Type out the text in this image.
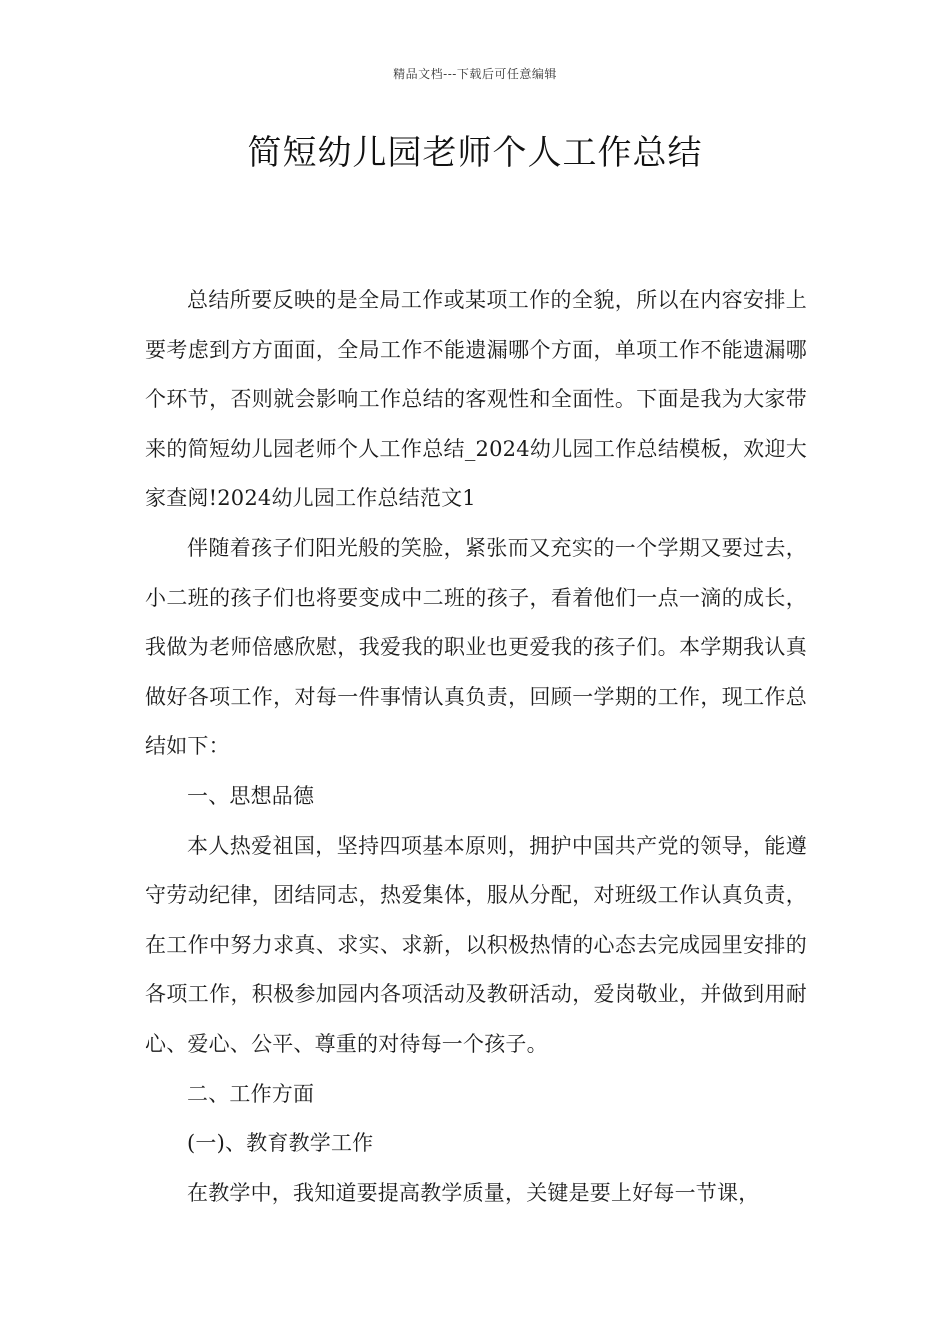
精品文档---下载后可任意编辑
简短幼儿园老师个人工作总结

总结所要反映的是全局工作或某项工作的全貌，所以在内容安排上要考虑到方方面面，全局工作不能遗漏哪个方面，单项工作不能遗漏哪个环节，否则就会影响工作总结的客观性和全面性。下面是我为大家带来的简短幼儿园老师个人工作总结_2024幼儿园工作总结模板，欢迎大家查阅!2024幼儿园工作总结范文1

伴随着孩子们阳光般的笑脸，紧张而又充实的一个学期又要过去，小二班的孩子们也将要变成中二班的孩子，看着他们一点一滴的成长，我做为老师倍感欣慰，我爱我的职业也更爱我的孩子们。本学期我认真做好各项工作，对每一件事情认真负责，回顾一学期的工作，现工作总结如下：

一、思想品德

本人热爱祖国，坚持四项基本原则，拥护中国共产党的领导，能遵守劳动纪律，团结同志，热爱集体，服从分配，对班级工作认真负责，在工作中努力求真、求实、求新，以积极热情的心态去完成园里安排的各项工作，积极参加园内各项活动及教研活动，爱岗敬业，并做到用耐心、爱心、公平、尊重的对待每一个孩子。

二、工作方面

(一)、教育教学工作

在教学中，我知道要提高教学质量，关键是要上好每一节课，
